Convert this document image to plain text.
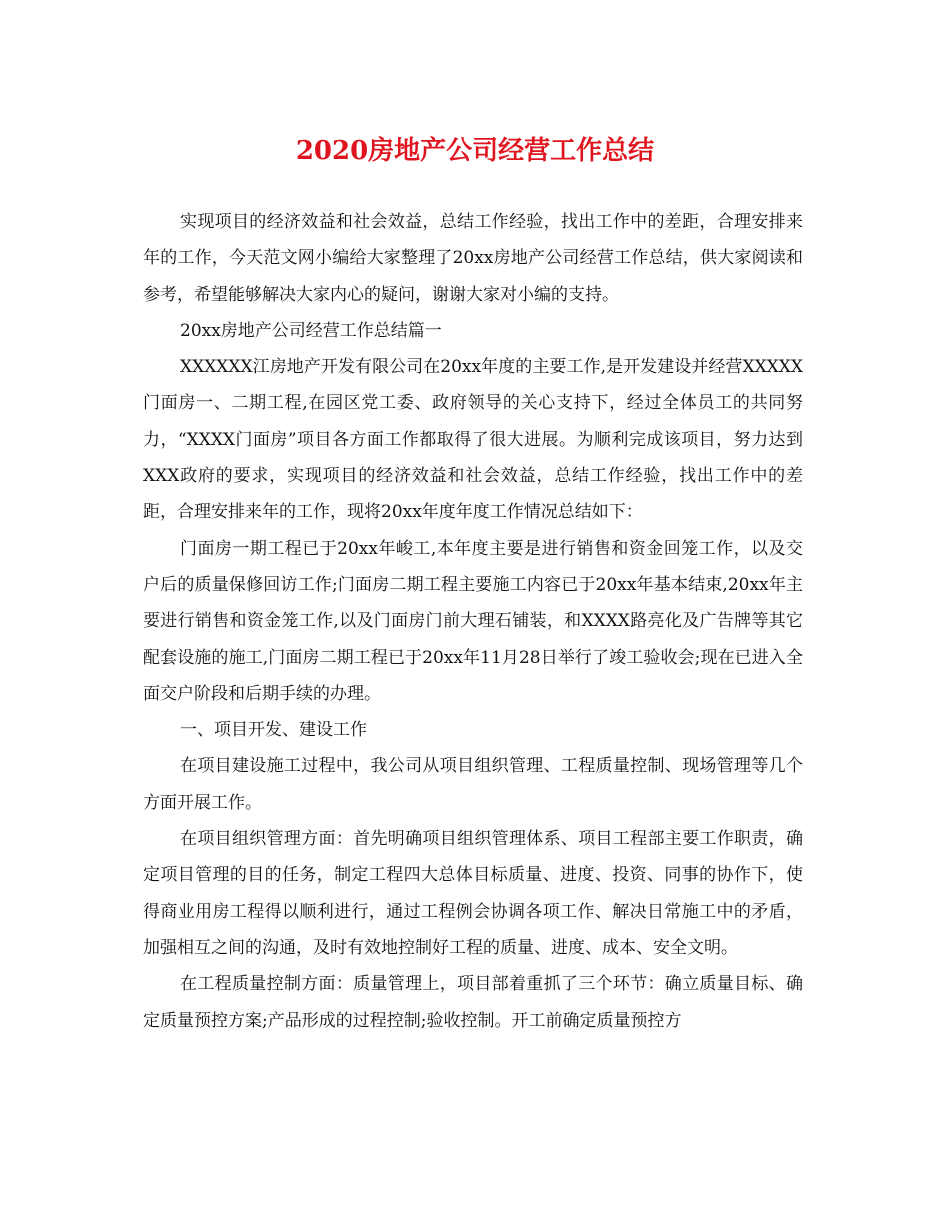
2020房地产公司经营工作总结

实现项目的经济效益和社会效益，总结工作经验，找出工作中的差距，合理安排来年的工作，今天范文网小编给大家整理了20xx房地产公司经营工作总结，供大家阅读和参考，希望能够解决大家内心的疑问，谢谢大家对小编的支持。

20xx房地产公司经营工作总结篇一

XXXXXX江房地产开发有限公司在20xx年度的主要工作,是开发建设并经营XXXXX门面房一、二期工程,在园区党工委、政府领导的关心支持下，经过全体员工的共同努力，“XXXX门面房”项目各方面工作都取得了很大进展。为顺利完成该项目，努力达到XXX政府的要求，实现项目的经济效益和社会效益，总结工作经验，找出工作中的差距，合理安排来年的工作，现将20xx年度年度工作情况总结如下：

门面房一期工程已于20xx年峻工,本年度主要是进行销售和资金回笼工作，以及交户后的质量保修回访工作;门面房二期工程主要施工内容已于20xx年基本结束,20xx年主要进行销售和资金笼工作,以及门面房门前大理石铺装，和XXXX路亮化及广告牌等其它配套设施的施工,门面房二期工程已于20xx年11月28日举行了竣工验收会;现在已进入全面交户阶段和后期手续的办理。

一、项目开发、建设工作

在项目建设施工过程中，我公司从项目组织管理、工程质量控制、现场管理等几个方面开展工作。

在项目组织管理方面：首先明确项目组织管理体系、项目工程部主要工作职责，确定项目管理的目的任务，制定工程四大总体目标质量、进度、投资、同事的协作下，使得商业用房工程得以顺利进行，通过工程例会协调各项工作、解决日常施工中的矛盾，加强相互之间的沟通，及时有效地控制好工程的质量、进度、成本、安全文明。

在工程质量控制方面：质量管理上，项目部着重抓了三个环节：确立质量目标、确定质量预控方案;产品形成的过程控制;验收控制。开工前确定质量预控方
